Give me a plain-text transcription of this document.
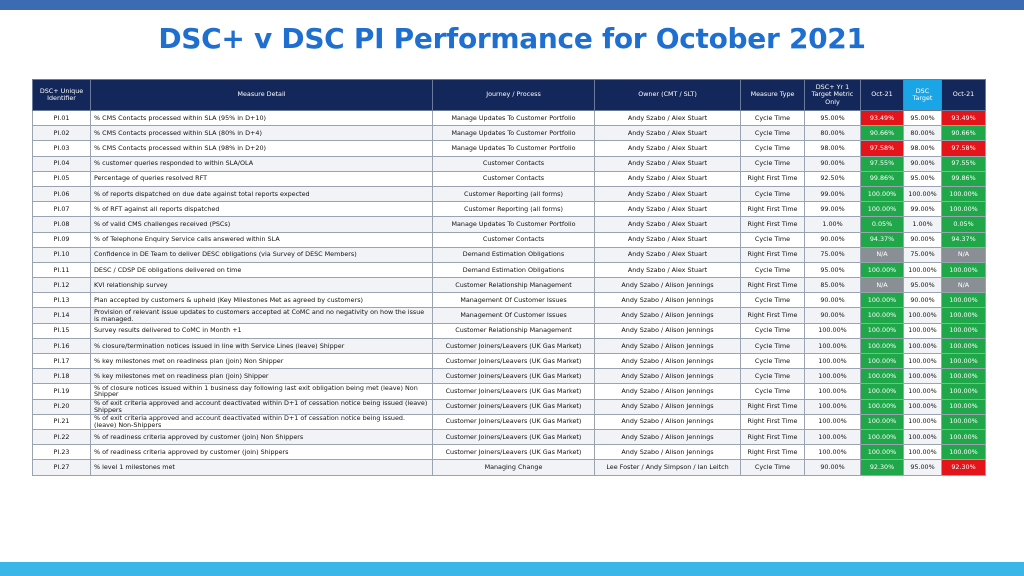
DSC+ v DSC PI Performance for October 2021
DSC+ Unique Identifier	Measure Detail	Journey / Process	Owner (CMT / SLT)	Measure Type	DSC+ Yr 1 Target Metric Only	Oct-21	DSC Target	Oct-21
PI.01	% CMS Contacts processed within SLA (95% in D+10)	Manage Updates To Customer Portfolio	Andy Szabo / Alex Stuart	Cycle Time	95.00%	93.49%	95.00%	93.49%
PI.02	% CMS Contacts processed within SLA (80% in D+4)	Manage Updates To Customer Portfolio	Andy Szabo / Alex Stuart	Cycle Time	80.00%	90.66%	80.00%	90.66%
PI.03	% CMS Contacts processed within SLA (98% in D+20)	Manage Updates To Customer Portfolio	Andy Szabo / Alex Stuart	Cycle Time	98.00%	97.58%	98.00%	97.58%
PI.04	% customer queries responded to within SLA/OLA	Customer Contacts	Andy Szabo / Alex Stuart	Cycle Time	90.00%	97.55%	90.00%	97.55%
PI.05	Percentage of queries resolved RFT	Customer Contacts	Andy Szabo / Alex Stuart	Right First Time	92.50%	99.86%	95.00%	99.86%
PI.06	% of reports dispatched on due date against total reports expected	Customer Reporting (all forms)	Andy Szabo / Alex Stuart	Cycle Time	99.00%	100.00%	100.00%	100.00%
PI.07	% of RFT against all reports dispatched	Customer Reporting (all forms)	Andy Szabo / Alex Stuart	Right First Time	99.00%	100.00%	99.00%	100.00%
PI.08	% of valid CMS challenges received (PSCs)	Manage Updates To Customer Portfolio	Andy Szabo / Alex Stuart	Right First Time	1.00%	0.05%	1.00%	0.05%
PI.09	% of Telephone Enquiry Service calls answered within SLA	Customer Contacts	Andy Szabo / Alex Stuart	Cycle Time	90.00%	94.37%	90.00%	94.37%
PI.10	Confidence in DE Team to deliver DESC obligations (via Survey of DESC Members)	Demand Estimation Obligations	Andy Szabo / Alex Stuart	Right First Time	75.00%	N/A	75.00%	N/A
PI.11	DESC / CDSP DE obligations delivered on time	Demand Estimation Obligations	Andy Szabo / Alex Stuart	Cycle Time	95.00%	100.00%	100.00%	100.00%
PI.12	KVI relationship survey	Customer Relationship Management	Andy Szabo / Alison Jennings	Right First Time	85.00%	N/A	95.00%	N/A
PI.13	Plan accepted by customers & upheld (Key Milestones Met as agreed by customers)	Management Of Customer Issues	Andy Szabo / Alison Jennings	Cycle Time	90.00%	100.00%	90.00%	100.00%
PI.14	Provision of relevant issue updates to customers accepted at CoMC and no negativity on how the issue is managed.	Management Of Customer Issues	Andy Szabo / Alison Jennings	Right First Time	90.00%	100.00%	100.00%	100.00%
PI.15	Survey results delivered to CoMC in Month +1	Customer Relationship Management	Andy Szabo / Alison Jennings	Cycle Time	100.00%	100.00%	100.00%	100.00%
PI.16	% closure/termination notices issued in line with Service Lines (leave) Shipper	Customer Joiners/Leavers (UK Gas Market)	Andy Szabo / Alison Jennings	Cycle Time	100.00%	100.00%	100.00%	100.00%
PI.17	% key milestones met on readiness plan (join) Non Shipper	Customer Joiners/Leavers (UK Gas Market)	Andy Szabo / Alison Jennings	Cycle Time	100.00%	100.00%	100.00%	100.00%
PI.18	% key milestones met on readiness plan (join) Shipper	Customer Joiners/Leavers (UK Gas Market)	Andy Szabo / Alison Jennings	Cycle Time	100.00%	100.00%	100.00%	100.00%
PI.19	% of closure notices issued within 1 business day following last exit obligation being met (leave) Non Shipper	Customer Joiners/Leavers (UK Gas Market)	Andy Szabo / Alison Jennings	Cycle Time	100.00%	100.00%	100.00%	100.00%
PI.20	% of exit criteria approved and account deactivated within D+1 of cessation notice being issued (leave) Shippers	Customer Joiners/Leavers (UK Gas Market)	Andy Szabo / Alison Jennings	Right First Time	100.00%	100.00%	100.00%	100.00%
PI.21	% of exit criteria approved and account deactivated within D+1 of cessation notice being issued. (leave) Non-Shippers	Customer Joiners/Leavers (UK Gas Market)	Andy Szabo / Alison Jennings	Right First Time	100.00%	100.00%	100.00%	100.00%
PI.22	% of readiness criteria approved by customer (join) Non Shippers	Customer Joiners/Leavers (UK Gas Market)	Andy Szabo / Alison Jennings	Right First Time	100.00%	100.00%	100.00%	100.00%
PI.23	% of readiness criteria approved by customer (join) Shippers	Customer Joiners/Leavers (UK Gas Market)	Andy Szabo / Alison Jennings	Right First Time	100.00%	100.00%	100.00%	100.00%
PI.27	% level 1 milestones met	Managing Change	Lee Foster / Andy Simpson / Ian Leitch	Cycle Time	90.00%	92.30%	95.00%	92.30%
